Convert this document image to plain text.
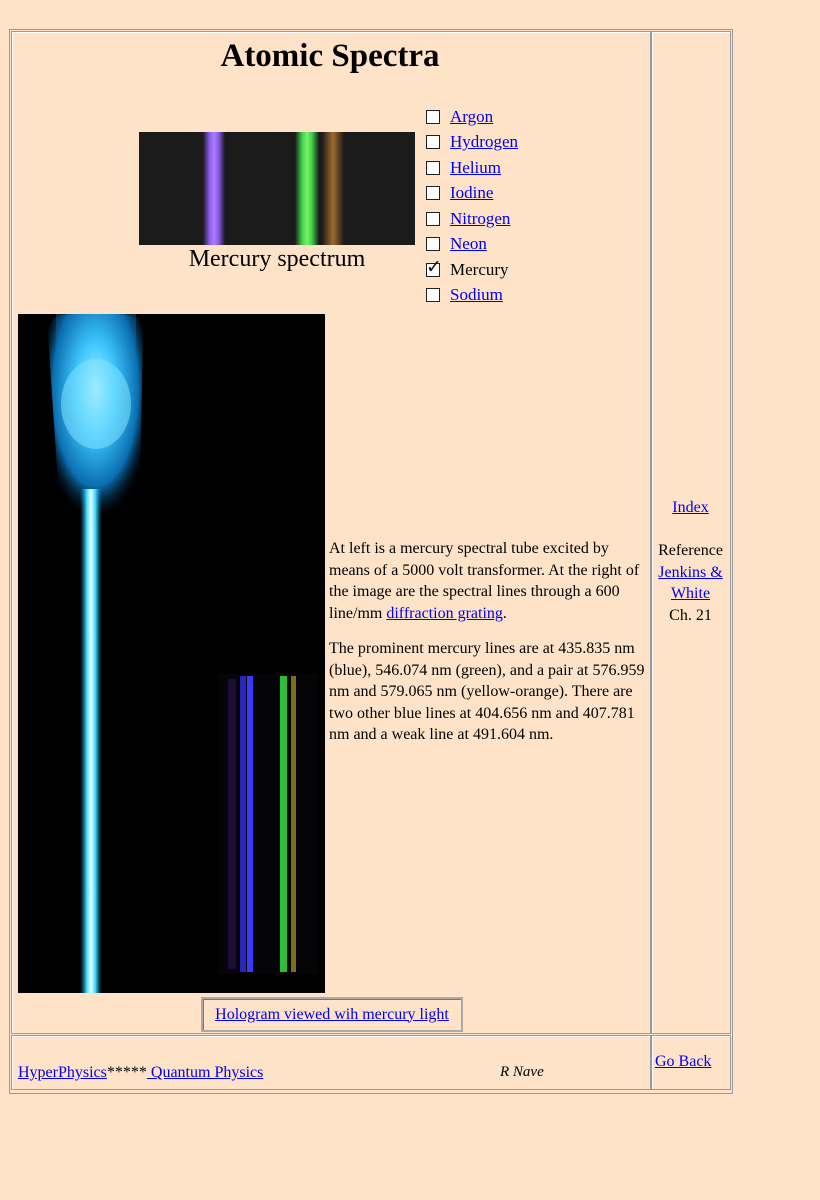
Atomic Spectra
Mercury spectrum
Argon
Hydrogen
Helium
Iodine
Nitrogen
Neon
✓
Mercury
Sodium

At left is a mercury spectral tube excited by means of a 5000 volt transformer. At the right of the image are the spectral lines through a 600 line/mm diffraction grating.

The prominent mercury lines are at 435.835 nm (blue), 546.074 nm (green), and a pair at 576.959 nm and 579.065 nm (yellow-orange). There are two other blue lines at 404.656 nm and 407.781 nm and a weak line at 491.604 nm.

Hologram viewed wih mercury light
Index

Reference
Jenkins & White
Ch. 21
HyperPhysics***** Quantum Physics	R Nave
Go Back
